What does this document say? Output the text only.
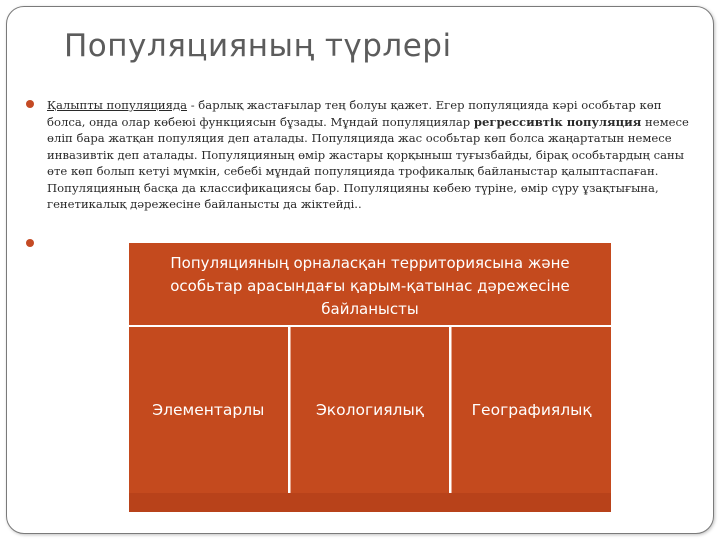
Популяцияның түрлері
Қалыпты популяцияда - барлық жастағылар тең болуы қажет. Егер популяцияда кәрі особьтар көп болса, онда олар көбеюі функциясын бұзады. Мұндай популяциялар регрессивтік популяция немесе өліп бара жатқан популяция деп аталады. Популяцияда жас особьтар көп болса жаңартатын немесе инвазивтік деп аталады. Популяцияның өмір жастары қорқыныш туғызбайды, бірақ особьтардың саны өте көп болып кетуі мүмкін, себебі мұндай популяцияда трофикалық байланыстар қалыптаспаған. Популяцияның басқа да классификациясы бар. Популяцияны көбею түріне, өмір сүру ұзақтығына, генетикалық дәрежесіне байланысты да жіктейді..
Популяцияның орналасқан территориясына және
особьтар арасындағы қарым-қатынас дәрежесіне
байланысты
Элементарлы	Экологиялық	Географиялық
